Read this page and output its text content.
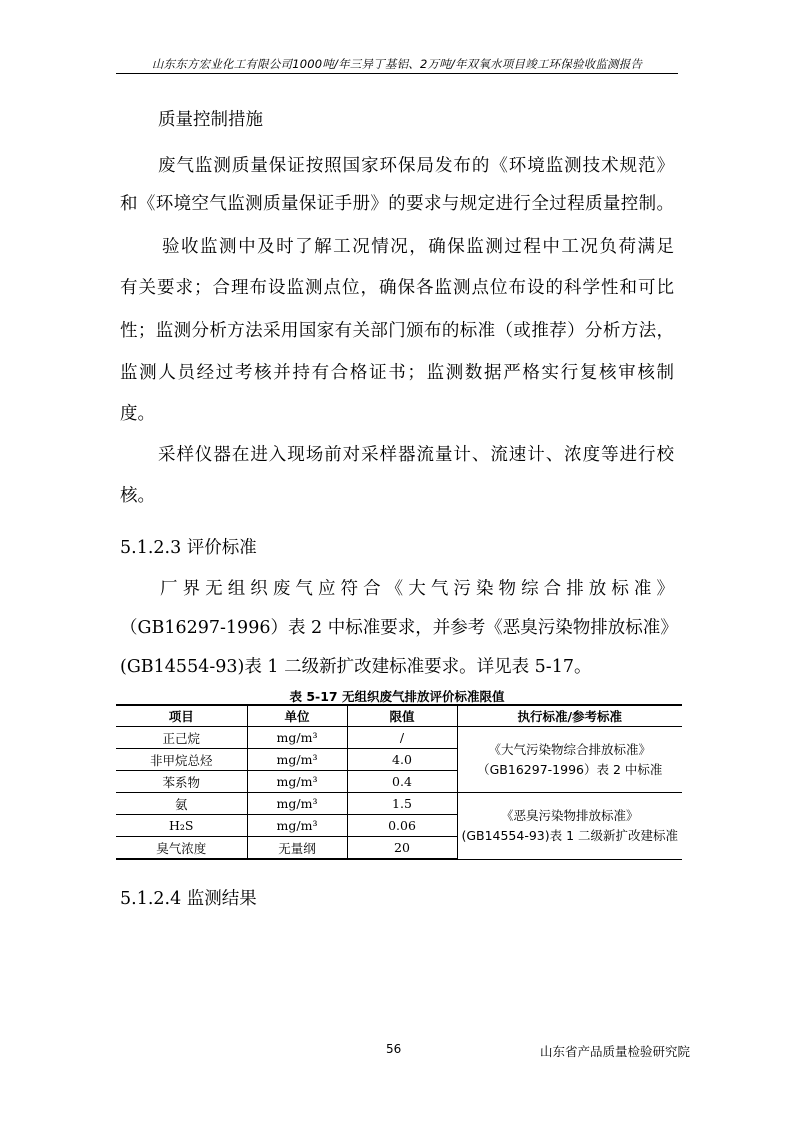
山东东方宏业化工有限公司1000吨/年三异丁基铝、2万吨/年双氧水项目竣工环保验收监测报告
质量控制措施
废气监测质量保证按照国家环保局发布的《环境监测技术规范》
和《环境空气监测质量保证手册》的要求与规定进行全过程质量控制。
验收监测中及时了解工况情况，确保监测过程中工况负荷满足
有关要求；合理布设监测点位，确保各监测点位布设的科学性和可比
性；监测分析方法采用国家有关部门颁布的标准（或推荐）分析方法，
监测人员经过考核并持有合格证书；监测数据严格实行复核审核制
度。
采样仪器在进入现场前对采样器流量计、流速计、浓度等进行校
核。
5.1.2.3 评价标准
厂界无组织废气应符合《大气污染物综合排放标准》
（GB16297-1996）表 2 中标准要求，并参考《恶臭污染物排放标准》
(GB14554-93)表 1 二级新扩改建标准要求。详见表 5-17。
表 5-17 无组织废气排放评价标准限值
项目	单位	限值	执行标准/参考标准
正己烷	mg/m³	/	《大气污染物综合排放标准》
（GB16297-1996）表 2 中标准

非甲烷总烃	mg/m³	4.0	
苯系物	mg/m³	0.4	
氨	mg/m³	1.5	《恶臭污染物排放标准》
(GB14554-93)表 1 二级新扩改建标准

H₂S	mg/m³	0.06	
臭气浓度	无量纲	20	
5.1.2.4 监测结果
56	山东省产品质量检验研究院
